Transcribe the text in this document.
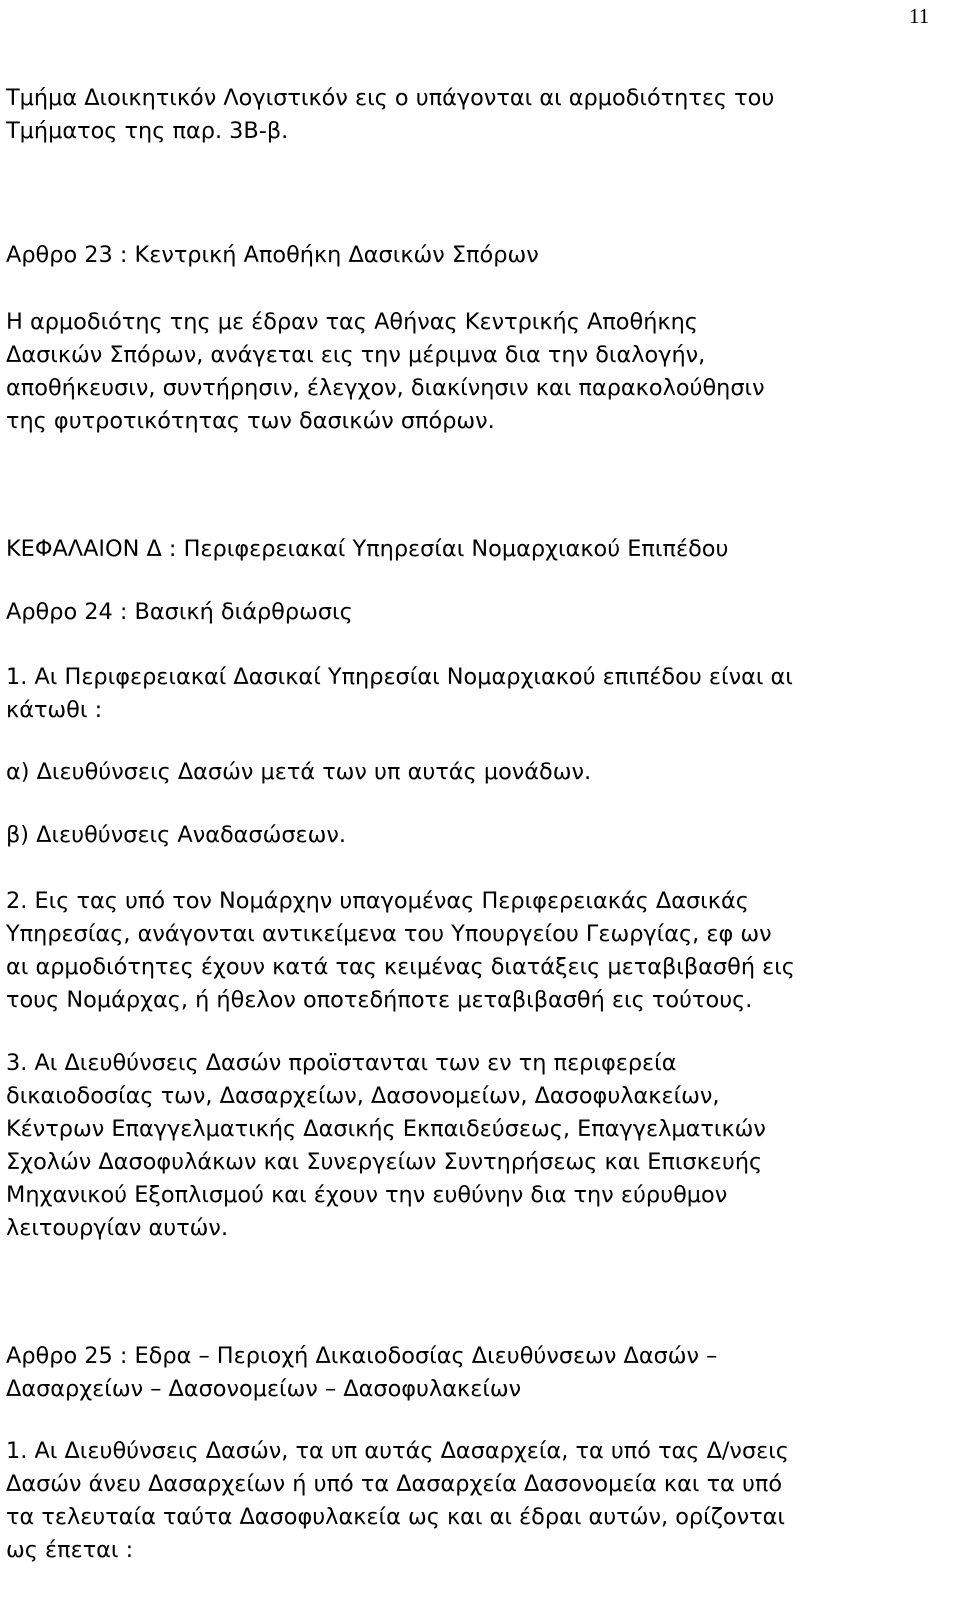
11
Τμήμα Διοικητικόν Λογιστικόν εις ο υπάγονται αι αρμοδιότητες του
Τμήματος της παρ. 3Β-β.
Αρθρο 23 : Κεντρική Αποθήκη Δασικών Σπόρων
Η αρμοδιότης της με έδραν τας Αθήνας Κεντρικής Αποθήκης
Δασικών Σπόρων, ανάγεται εις την μέριμνα δια την διαλογήν,
αποθήκευσιν, συντήρησιν, έλεγχον, διακίνησιν και παρακολούθησιν
της φυτροτικότητας των δασικών σπόρων.
ΚΕΦΑΛΑΙΟΝ Δ : Περιφερειακαί Υπηρεσίαι Νομαρχιακού Επιπέδου
Αρθρο 24 : Βασική διάρθρωσις
1. Αι Περιφερειακαί Δασικαί Υπηρεσίαι Νομαρχιακού επιπέδου είναι αι
κάτωθι :
α) Διευθύνσεις Δασών μετά των υπ αυτάς μονάδων.
β) Διευθύνσεις Αναδασώσεων.
2. Εις τας υπό τον Νομάρχην υπαγομένας Περιφερειακάς Δασικάς
Υπηρεσίας, ανάγονται αντικείμενα του Υπουργείου Γεωργίας, εφ ων
αι αρμοδιότητες έχουν κατά τας κειμένας διατάξεις μεταβιβασθή εις
τους Νομάρχας, ή ήθελον οποτεδήποτε μεταβιβασθή εις τούτους.
3. Αι Διευθύνσεις Δασών προϊστανται των εν τη περιφερεία
δικαιοδοσίας των, Δασαρχείων, Δασονομείων, Δασοφυλακείων,
Κέντρων Επαγγελματικής Δασικής Εκπαιδεύσεως, Επαγγελματικών
Σχολών Δασοφυλάκων και Συνεργείων Συντηρήσεως και Επισκευής
Μηχανικού Εξοπλισμού και έχουν την ευθύνην δια την εύρυθμον
λειτουργίαν αυτών.
Αρθρο 25 : Εδρα – Περιοχή Δικαιοδοσίας Διευθύνσεων Δασών –
Δασαρχείων – Δασονομείων – Δασοφυλακείων
1. Αι Διευθύνσεις Δασών, τα υπ αυτάς Δασαρχεία, τα υπό τας Δ/νσεις
Δασών άνευ Δασαρχείων ή υπό τα Δασαρχεία Δασονομεία και τα υπό
τα τελευταία ταύτα Δασοφυλακεία ως και αι έδραι αυτών, ορίζονται
ως έπεται :
